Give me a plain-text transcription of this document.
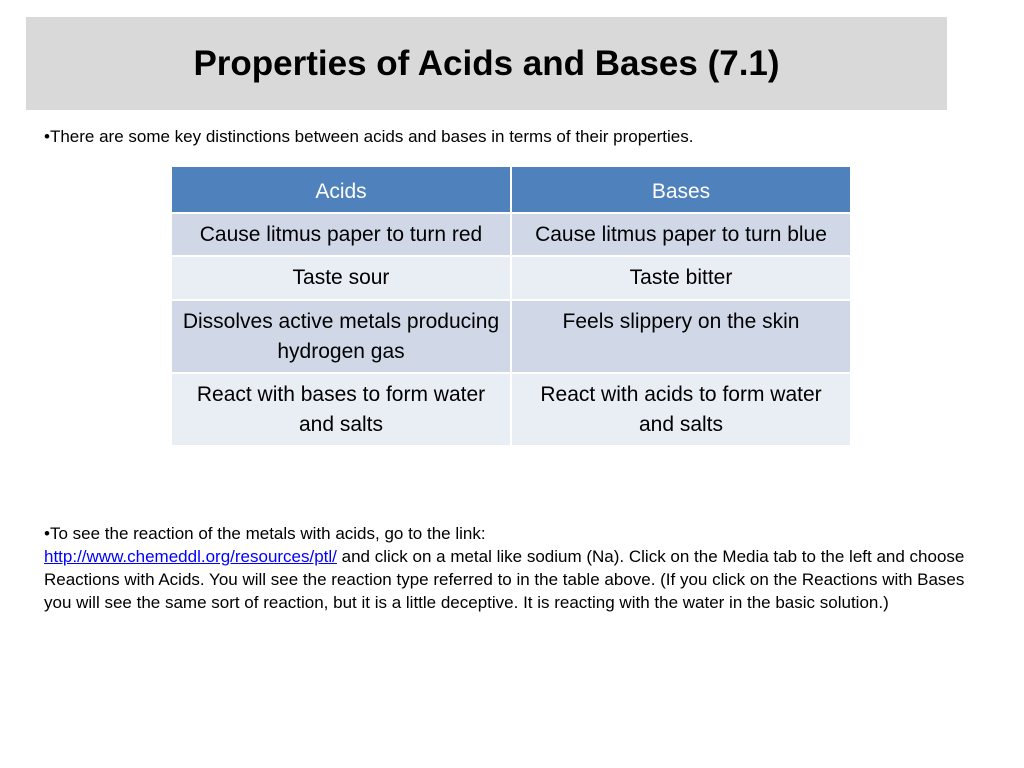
Properties of Acids and Bases (7.1)
•There are some key distinctions between acids and bases in terms of their properties.
Acids	Bases
Cause litmus paper to turn red	Cause litmus paper to turn blue
Taste sour	Taste bitter
Dissolves active metals producing hydrogen gas	Feels slippery on the skin
React with bases to form water and salts	React with acids to form water and salts
•To see the reaction of the metals with acids, go to the link:
http://www.chemeddl.org/resources/ptl/ and click on a metal like sodium (Na). Click on the Media tab to the left and choose Reactions with Acids. You will see the reaction type referred to in the table above. (If you click on the Reactions with Bases you will see the same sort of reaction, but it is a little deceptive. It is reacting with the water in the basic solution.)
